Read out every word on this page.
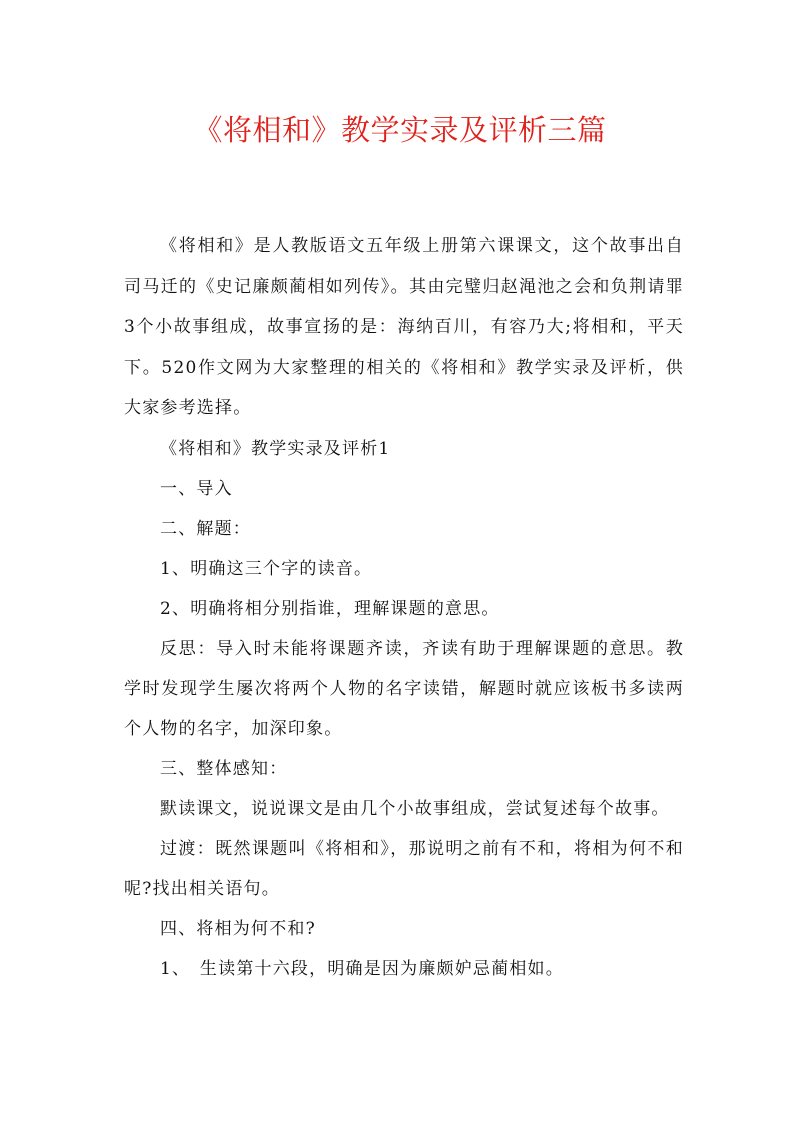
《将相和》教学实录及评析三篇

《将相和》是人教版语文五年级上册第六课课文，这个故事出自司马迁的《史记廉颇蔺相如列传》。其由完璧归赵渑池之会和负荆请罪3个小故事组成，故事宣扬的是：海纳百川，有容乃大;将相和，平天下。520作文网为大家整理的相关的《将相和》教学实录及评析，供大家参考选择。

《将相和》教学实录及评析1

一、导入

二、解题：

1、明确这三个字的读音。

2、明确将相分别指谁，理解课题的意思。

反思：导入时未能将课题齐读，齐读有助于理解课题的意思。教学时发现学生屡次将两个人物的名字读错，解题时就应该板书多读两个人物的名字，加深印象。

三、整体感知：

默读课文，说说课文是由几个小故事组成，尝试复述每个故事。

过渡：既然课题叫《将相和》，那说明之前有不和，将相为何不和呢?找出相关语句。

四、将相为何不和?

1、　生读第十六段，明确是因为廉颇妒忌蔺相如。
